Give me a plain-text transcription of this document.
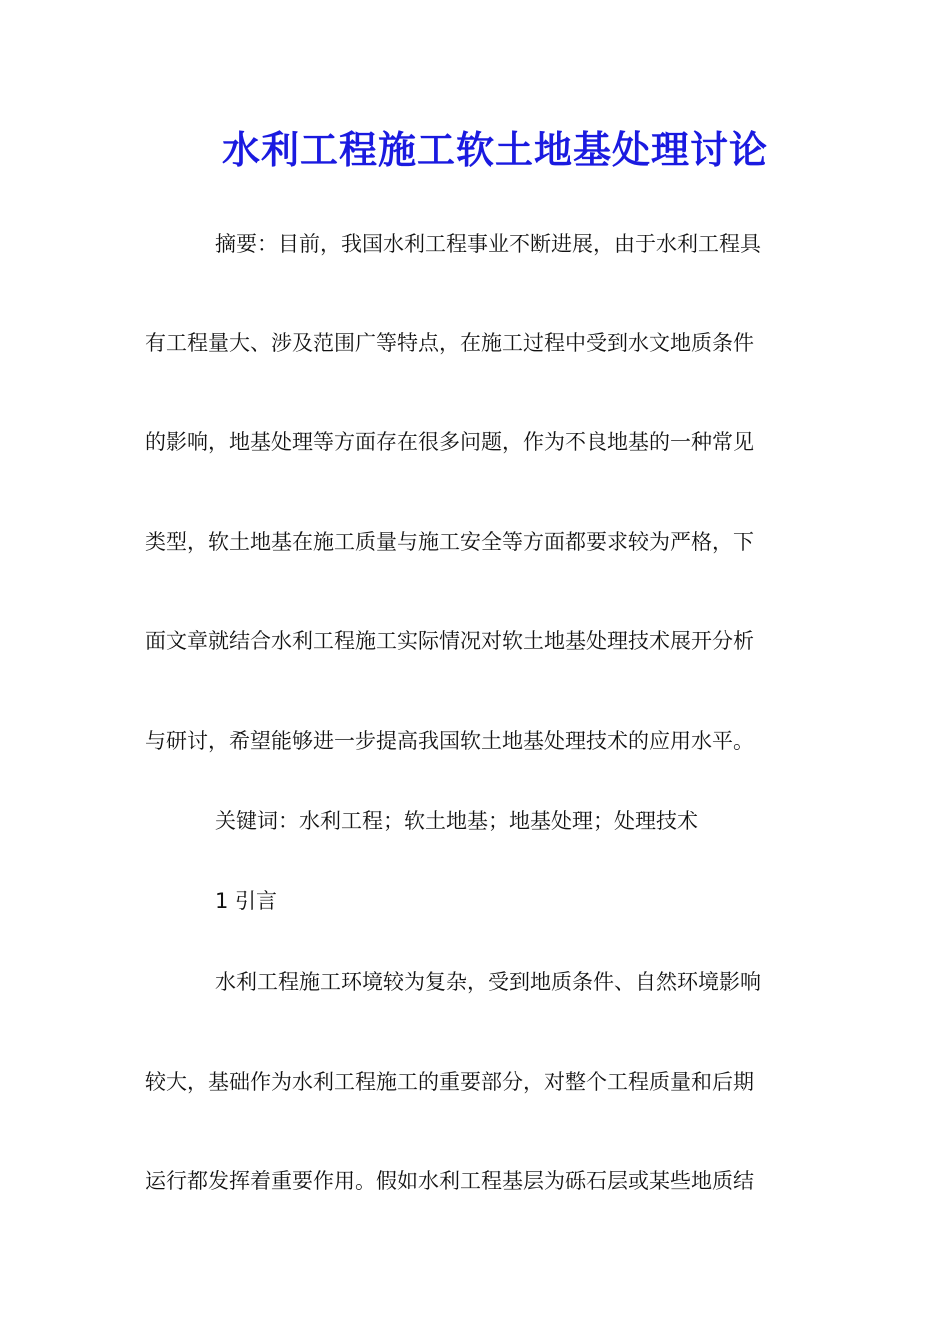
水利工程施工软土地基处理讨论

摘要：目前，我国水利工程事业不断进展，由于水利工程具

有工程量大、涉及范围广等特点，在施工过程中受到水文地质条件

的影响，地基处理等方面存在很多问题，作为不良地基的一种常见

类型，软土地基在施工质量与施工安全等方面都要求较为严格，下

面文章就结合水利工程施工实际情况对软土地基处理技术展开分析

与研讨，希望能够进一步提高我国软土地基处理技术的应用水平。

关键词：水利工程；软土地基；地基处理；处理技术

1 引言

水利工程施工环境较为复杂，受到地质条件、自然环境影响

较大，基础作为水利工程施工的重要部分，对整个工程质量和后期

运行都发挥着重要作用。假如水利工程基层为砾石层或某些地质结
